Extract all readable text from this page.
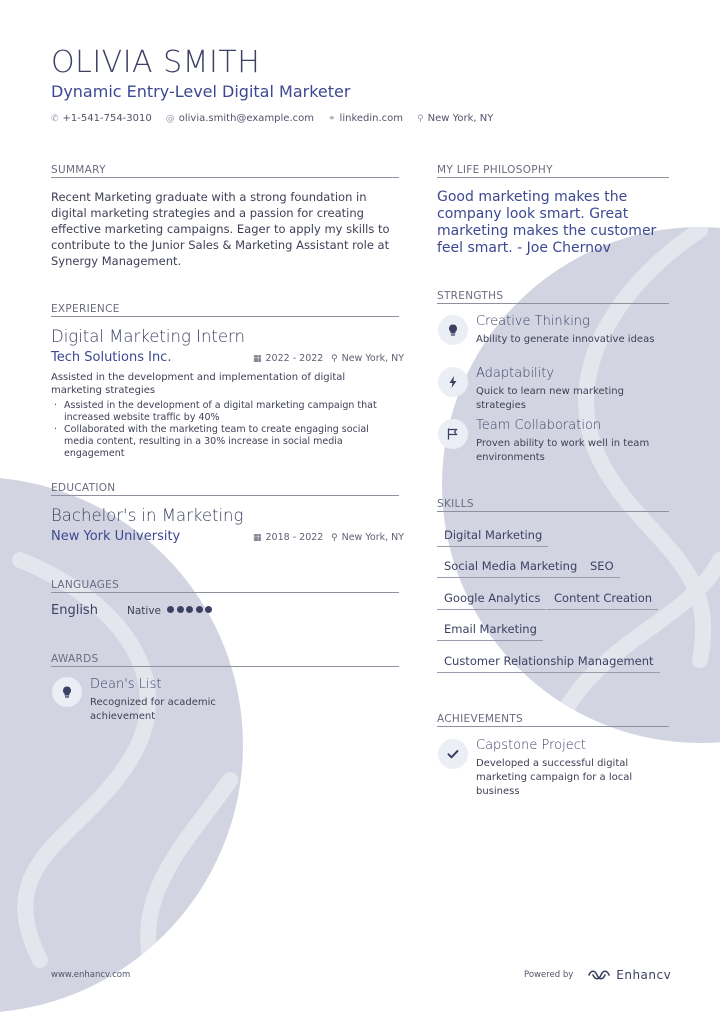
OLIVIA SMITH
Dynamic Entry-Level Digital Marketer
✆ +1-541-754-3010 @ olivia.smith@example.com ⚭ linkedin.com ⚲ New York, NY
SUMMARY
Recent Marketing graduate with a strong foundation in digital marketing strategies and a passion for creating effective marketing campaigns. Eager to apply my skills to contribute to the Junior Sales & Marketing Assistant role at Synergy Management.
EXPERIENCE
Digital Marketing Intern
Tech Solutions Inc.	▦ 2022 - 2022 ⚲ New York, NY
Assisted in the development and implementation of digital marketing strategies
· Assisted in the development of a digital marketing campaign that increased website traffic by 40%
· Collaborated with the marketing team to create engaging social media content, resulting in a 30% increase in social media engagement
EDUCATION
Bachelor's in Marketing
New York University	▦ 2018 - 2022 ⚲ New York, NY
LANGUAGES
English	Native
AWARDS
Dean's List
Recognized for academic achievement
MY LIFE PHILOSOPHY
Good marketing makes the company look smart. Great marketing makes the customer feel smart. - Joe Chernov
STRENGTHS
Creative Thinking
Ability to generate innovative ideas
Adaptability
Quick to learn new marketing strategies
Team Collaboration
Proven ability to work well in team environments
SKILLS
Digital Marketing
Social Media Marketing	SEO
Google Analytics	Content Creation
Email Marketing
Customer Relationship Management
ACHIEVEMENTS
Capstone Project
Developed a successful digital marketing campaign for a local business
www.enhancv.com	Powered by	Enhancv
